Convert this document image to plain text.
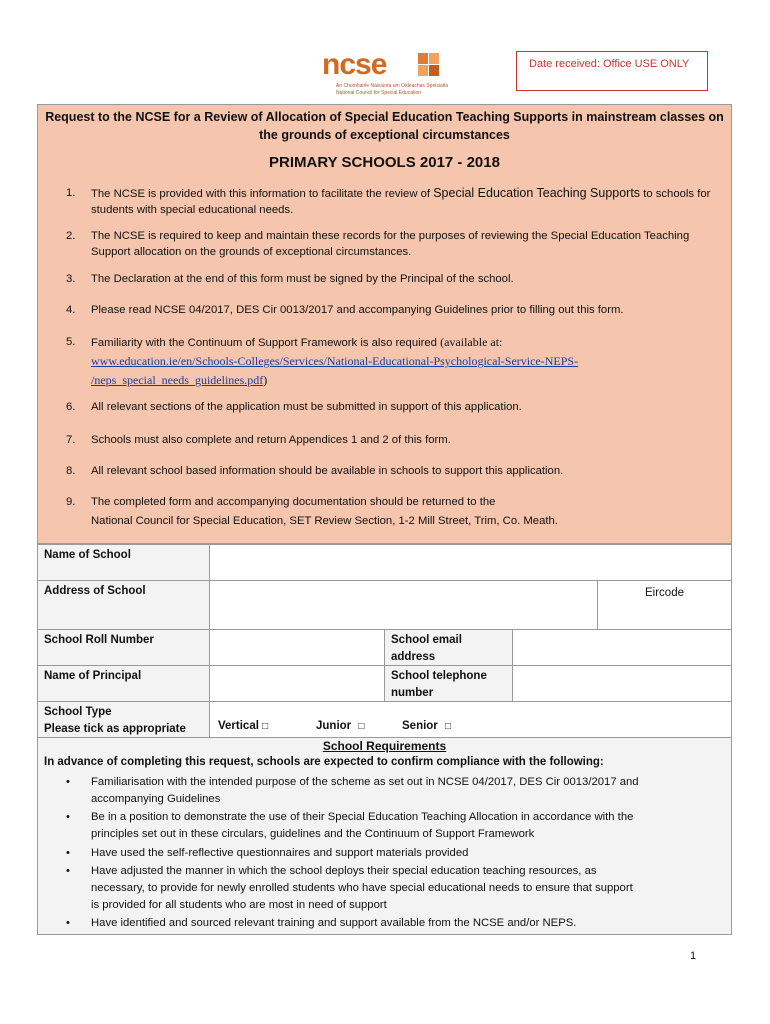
ncse
An Chomhairle Náisiúnta um Oideachas Speisialta
National Council for Special Education
Date received: Office USE ONLY
Request to the NCSE for a Review of Allocation of Special Education Teaching Supports in mainstream classes on the grounds of exceptional circumstances
PRIMARY SCHOOLS 2017 - 2018
1. The NCSE is provided with this information to facilitate the review of Special Education Teaching Supports to schools for students with special educational needs.
2. The NCSE is required to keep and maintain these records for the purposes of reviewing the Special Education Teaching Support allocation on the grounds of exceptional circumstances.
3. The Declaration at the end of this form must be signed by the Principal of the school.
4. Please read NCSE 04/2017, DES Cir 0013/2017 and accompanying Guidelines prior to filling out this form.
5. Familiarity with the Continuum of Support Framework is also required (available at:
www.education.ie/en/Schools-Colleges/Services/National-Educational-Psychological-Service-NEPS-
/neps_special_needs_guidelines.pdf)
6. All relevant sections of the application must be submitted in support of this application.
7. Schools must also complete and return Appendices 1 and 2 of this form.
8. All relevant school based information should be available in schools to support this application.
9. The completed form and accompanying documentation should be returned to the
National Council for Special Education, SET Review Section, 1-2 Mill Street, Trim, Co. Meath.
Name of School
Address of School	Eircode
School Roll Number	School email
address
Name of Principal	School telephone
number
School Type
Please tick as appropriate	Vertical □	Junior □	Senior □
School Requirements
In advance of completing this request, schools are expected to confirm compliance with the following:
• Familiarisation with the intended purpose of the scheme as set out in NCSE 04/2017, DES Cir 0013/2017 and
accompanying Guidelines
• Be in a position to demonstrate the use of their Special Education Teaching Allocation in accordance with the
principles set out in these circulars, guidelines and the Continuum of Support Framework
• Have used the self-reflective questionnaires and support materials provided
• Have adjusted the manner in which the school deploys their special education teaching resources, as
necessary, to provide for newly enrolled students who have special educational needs to ensure that support
is provided for all students who are most in need of support
• Have identified and sourced relevant training and support available from the NCSE and/or NEPS.
1
